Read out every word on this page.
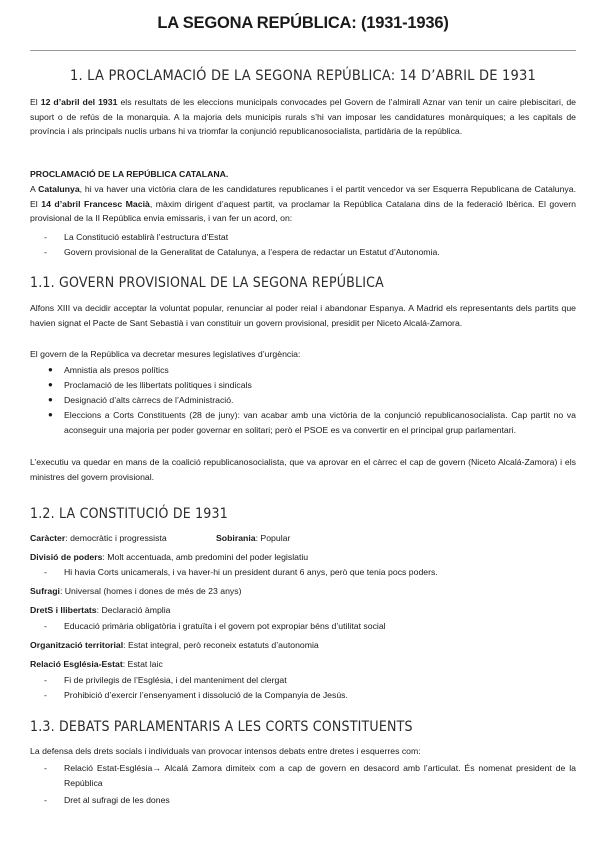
LA SEGONA REPÚBLICA: (1931-1936)
1. LA PROCLAMACIÓ DE LA SEGONA REPÚBLICA: 14 D’ABRIL DE 1931
El 12 d’abril del 1931 els resultats de les eleccions municipals convocades pel Govern de l’almirall Aznar van tenir un caire plebiscitari, de suport o de refús de la monarquia. A la majoria dels municipis rurals s’hi van imposar les candidatures monàrquiques; a les capitals de província i als principals nuclis urbans hi va triomfar la conjunció republicanosocialista, partidària de la república.
PROCLAMACIÓ DE LA REPÚBLICA CATALANA.
A Catalunya, hi va haver una victòria clara de les candidatures republicanes i el partit vencedor va ser Esquerra Republicana de Catalunya. El 14 d’abril Francesc Macià, màxim dirigent d’aquest partit, va proclamar la República Catalana dins de la federació Ibèrica. El govern provisional de la II República envia emissaris, i van fer un acord, on:
- La Constitució establirà l’estructura d’Estat
- Govern provisional de la Generalitat de Catalunya, a l’espera de redactar un Estatut d’Autonomia.
1.1. GOVERN PROVISIONAL DE LA SEGONA REPÚBLICA
Alfons XIII va decidir acceptar la voluntat popular, renunciar al poder reial i abandonar Espanya. A Madrid els representants dels partits que havien signat el Pacte de Sant Sebastià i van constituir un govern provisional, presidit per Niceto Alcalá-Zamora.
El govern de la República va decretar mesures legislatives d’urgència:
● Amnistia als presos polítics
● Proclamació de les llibertats polítiques i sindicals
● Designació d’alts càrrecs de l’Administració.
● Eleccions a Corts Constituents (28 de juny): van acabar amb una victòria de la conjunció republicanosocialista. Cap partit no va aconseguir una majoria per poder governar en solitari; però el PSOE es va convertir en el principal grup parlamentari.
L’executiu va quedar en mans de la coalició republicanosocialista, que va aprovar en el càrrec el cap de govern (Niceto Alcalá-Zamora) i els ministres del govern provisional.
1.2. LA CONSTITUCIÓ DE 1931
Caràcter: democràtic i progressista	Sobirania: Popular
Divisió de poders: Molt accentuada, amb predomini del poder legislatiu
- Hi havia Corts unicamerals, i va haver-hi un president durant 6 anys, però que tenia pocs poders.
Sufragi: Universal (homes i dones de més de 23 anys)
DretS i llibertats: Declaració àmplia
- Educació primària obligatòria i gratuïta i el govern pot expropiar béns d’utilitat social
Organització territorial: Estat integral, però reconeix estatuts d’autonomia
Relació Església-Estat: Estat laic
- Fi de privilegis de l’Església, i del manteniment del clergat
- Prohibició d’exercir l’ensenyament i dissolució de la Companyia de Jesús.
1.3. DEBATS PARLAMENTARIS A LES CORTS CONSTITUENTS
La defensa dels drets socials i individuals van provocar intensos debats entre dretes i esquerres com:
- Relació Estat-Església→ Alcalá Zamora dimiteix com a cap de govern en desacord amb l’articulat. És nomenat president de la República
- Dret al sufragi de les dones
